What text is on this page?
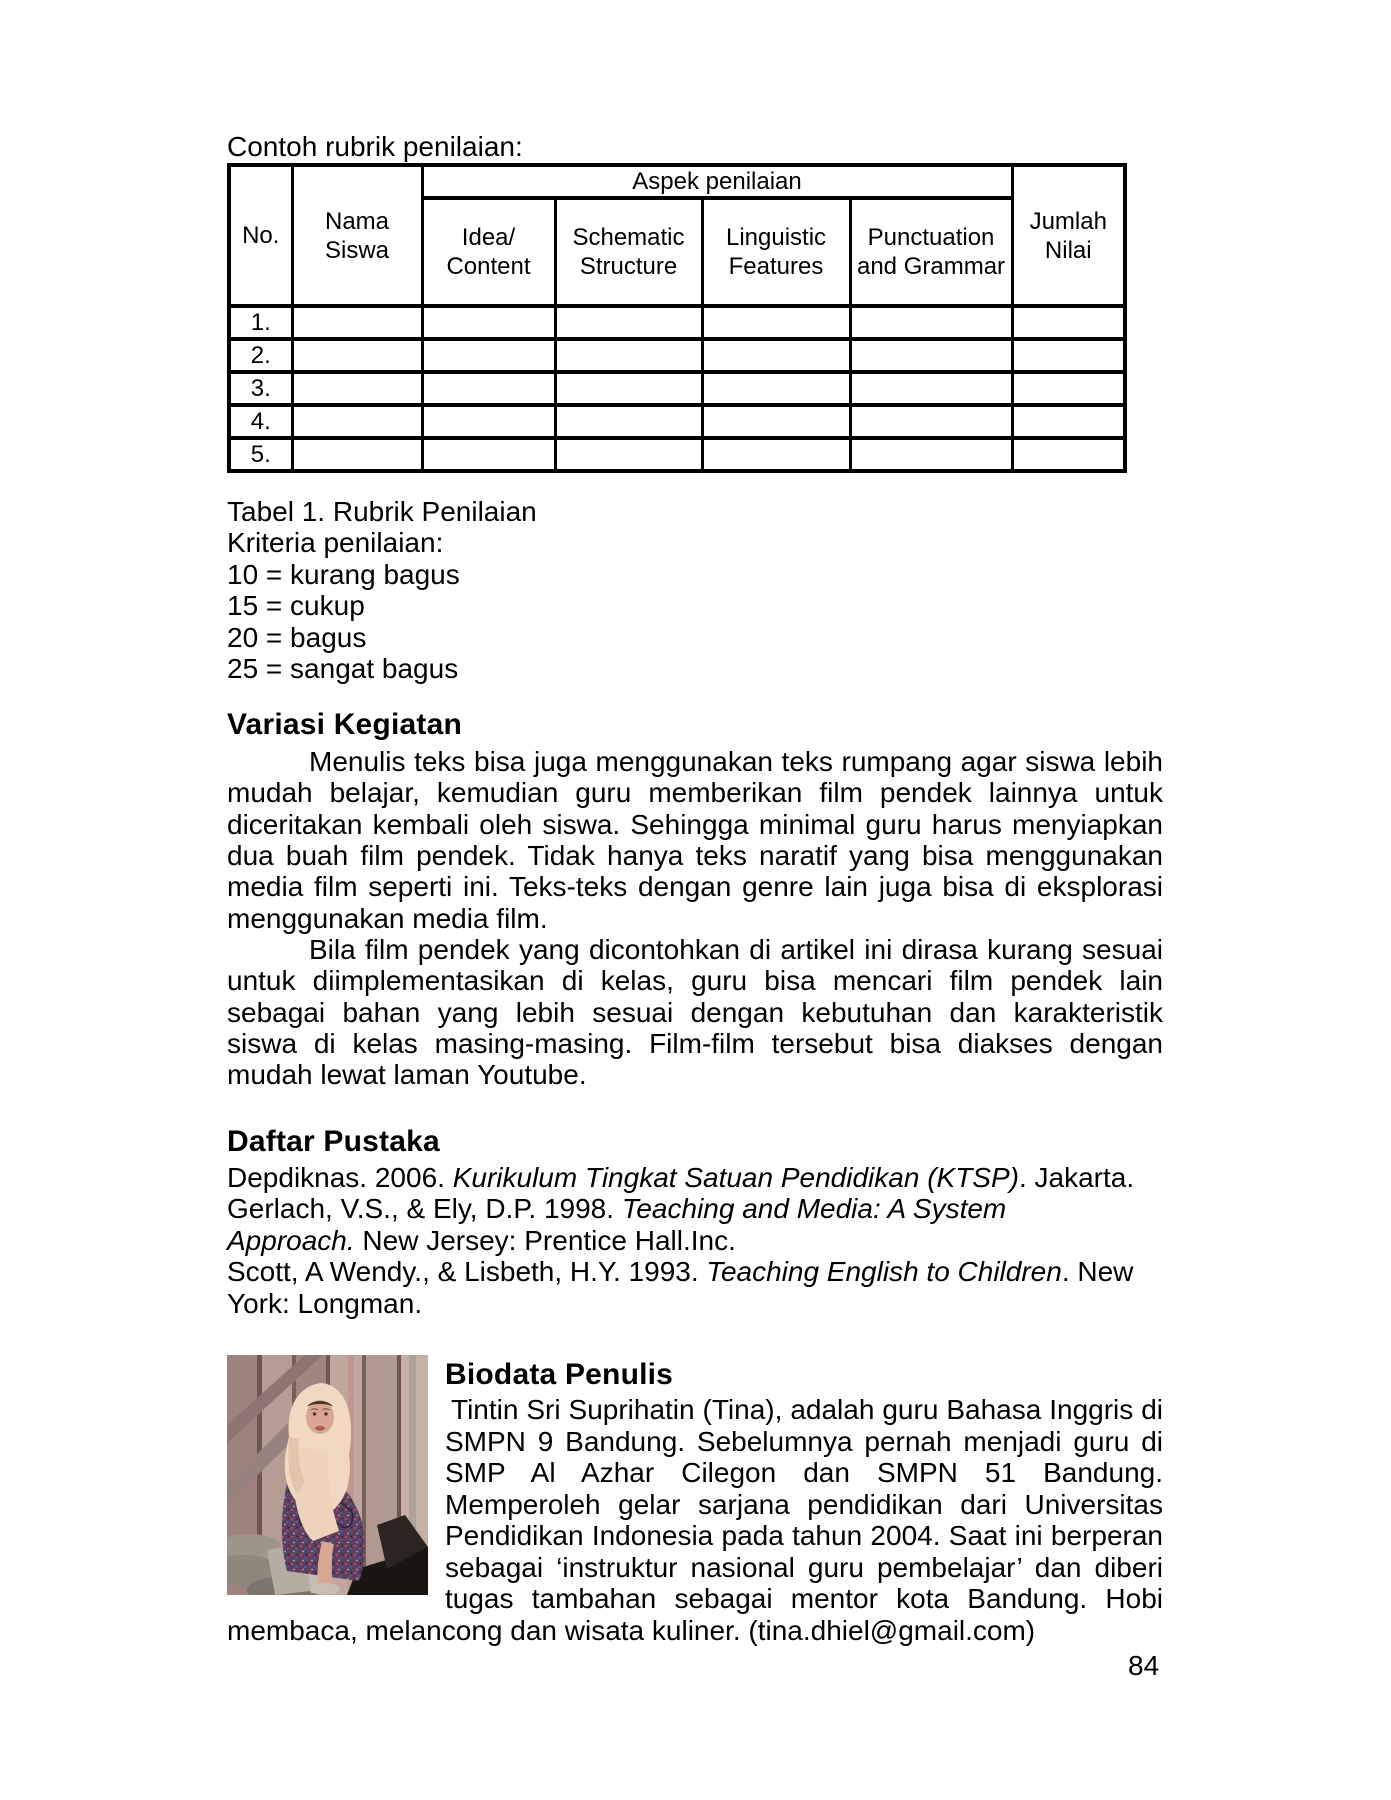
Contoh rubrik penilaian:
No.	Nama Siswa	Aspek penilaian				Jumlah Nilai
		Idea/ Content	Schematic Structure	Linguistic Features	Punctuation and Grammar	
1.						
2.						
3.						
4.						
5.						
Tabel 1. Rubrik Penilaian
Kriteria penilaian:
10 = kurang bagus
15 = cukup
20 = bagus
25 = sangat bagus
Variasi Kegiatan

Menulis teks bisa juga menggunakan teks rumpang agar siswa lebih mudah belajar, kemudian guru memberikan film pendek lainnya untuk diceritakan kembali oleh siswa. Sehingga minimal guru harus menyiapkan dua buah film pendek. Tidak hanya teks naratif yang bisa menggunakan media film seperti ini. Teks-teks dengan genre lain juga bisa di eksplorasi menggunakan media film.

Bila film pendek yang dicontohkan di artikel ini dirasa kurang sesuai untuk diimplementasikan di kelas, guru bisa mencari film pendek lain sebagai bahan yang lebih sesuai dengan kebutuhan dan karakteristik siswa di kelas masing-masing. Film-film tersebut bisa diakses dengan mudah lewat laman Youtube.

Daftar Pustaka
Depdiknas. 2006. Kurikulum Tingkat Satuan Pendidikan (KTSP). Jakarta.
Gerlach, V.S., & Ely, D.P. 1998. Teaching and Media: A System
Approach. New Jersey: Prentice Hall.Inc.
Scott, A Wendy., & Lisbeth, H.Y. 1993. Teaching English to Children. New
York: Longman.
Biodata Penulis

Tintin Sri Suprihatin (Tina), adalah guru Bahasa Inggris di SMPN 9 Bandung. Sebelumnya pernah menjadi guru di SMP Al Azhar Cilegon dan SMPN 51 Bandung. Memperoleh gelar sarjana pendidikan dari Universitas Pendidikan Indonesia pada tahun 2004. Saat ini berperan sebagai ‘instruktur nasional guru pembelajar’ dan diberi tugas tambahan sebagai mentor kota Bandung. Hobi membaca, melancong dan wisata kuliner. (tina.dhiel@gmail.com)

84
